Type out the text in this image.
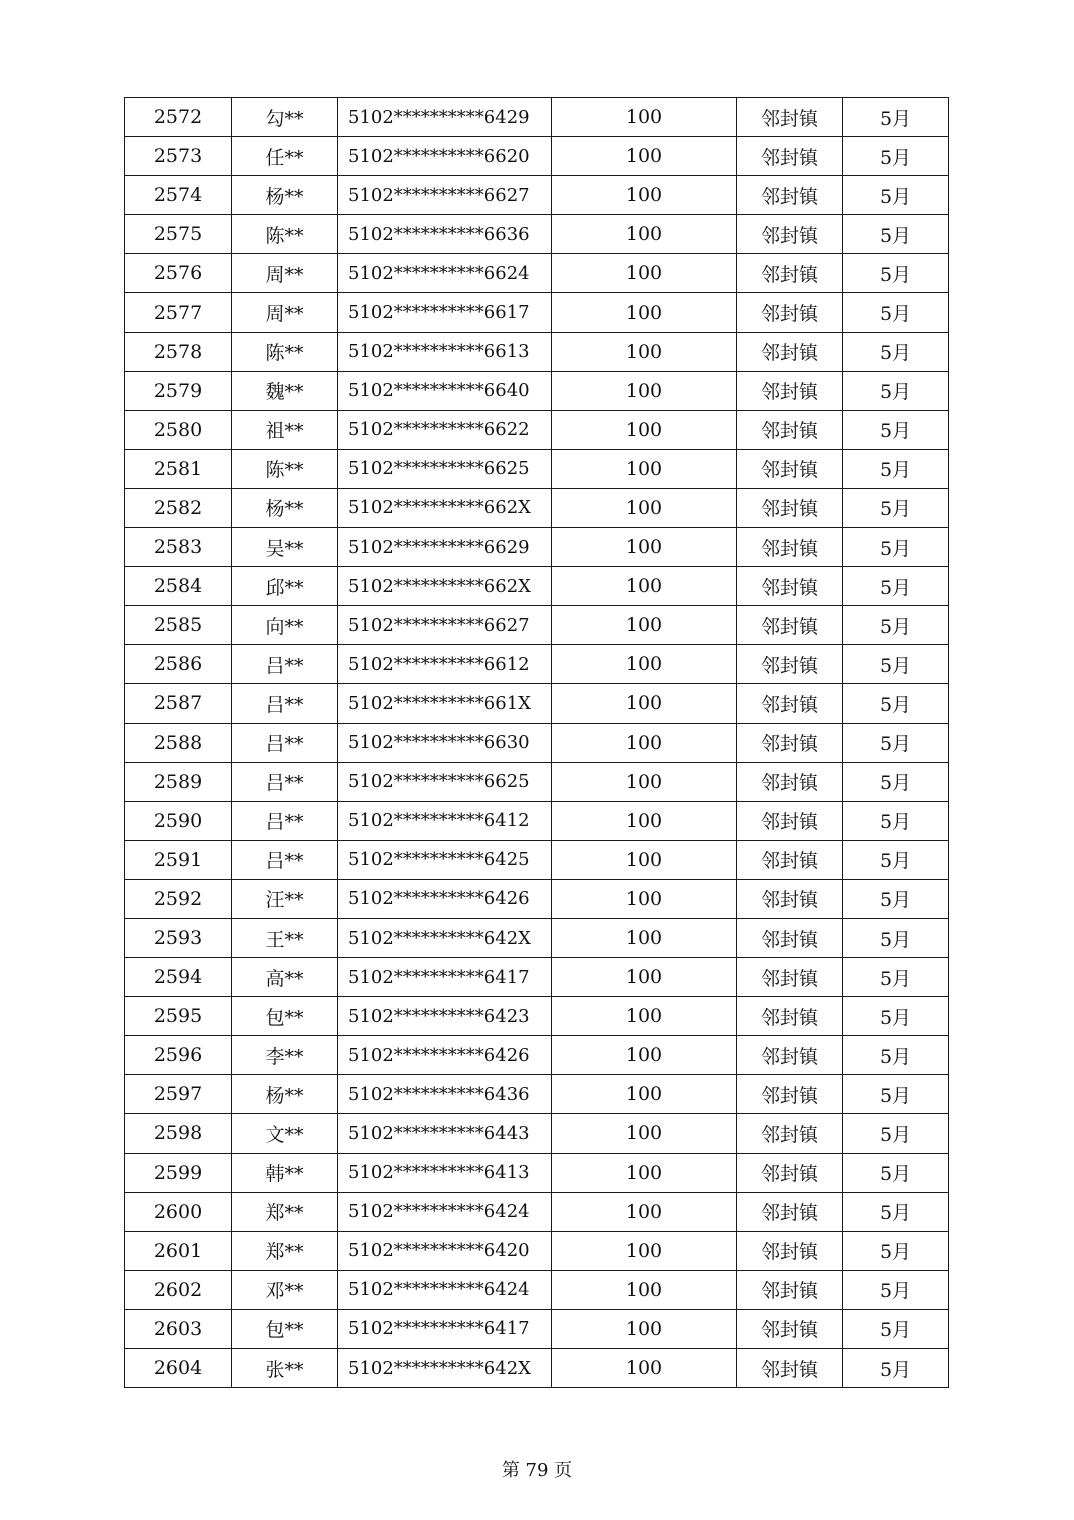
2572	勾**	5102**********6429	100	邻封镇	5月
2573	任**	5102**********6620	100	邻封镇	5月
2574	杨**	5102**********6627	100	邻封镇	5月
2575	陈**	5102**********6636	100	邻封镇	5月
2576	周**	5102**********6624	100	邻封镇	5月
2577	周**	5102**********6617	100	邻封镇	5月
2578	陈**	5102**********6613	100	邻封镇	5月
2579	魏**	5102**********6640	100	邻封镇	5月
2580	祖**	5102**********6622	100	邻封镇	5月
2581	陈**	5102**********6625	100	邻封镇	5月
2582	杨**	5102**********662X	100	邻封镇	5月
2583	吴**	5102**********6629	100	邻封镇	5月
2584	邱**	5102**********662X	100	邻封镇	5月
2585	向**	5102**********6627	100	邻封镇	5月
2586	吕**	5102**********6612	100	邻封镇	5月
2587	吕**	5102**********661X	100	邻封镇	5月
2588	吕**	5102**********6630	100	邻封镇	5月
2589	吕**	5102**********6625	100	邻封镇	5月
2590	吕**	5102**********6412	100	邻封镇	5月
2591	吕**	5102**********6425	100	邻封镇	5月
2592	汪**	5102**********6426	100	邻封镇	5月
2593	王**	5102**********642X	100	邻封镇	5月
2594	高**	5102**********6417	100	邻封镇	5月
2595	包**	5102**********6423	100	邻封镇	5月
2596	李**	5102**********6426	100	邻封镇	5月
2597	杨**	5102**********6436	100	邻封镇	5月
2598	文**	5102**********6443	100	邻封镇	5月
2599	韩**	5102**********6413	100	邻封镇	5月
2600	郑**	5102**********6424	100	邻封镇	5月
2601	郑**	5102**********6420	100	邻封镇	5月
2602	邓**	5102**********6424	100	邻封镇	5月
2603	包**	5102**********6417	100	邻封镇	5月
2604	张**	5102**********642X	100	邻封镇	5月
第 79 页
